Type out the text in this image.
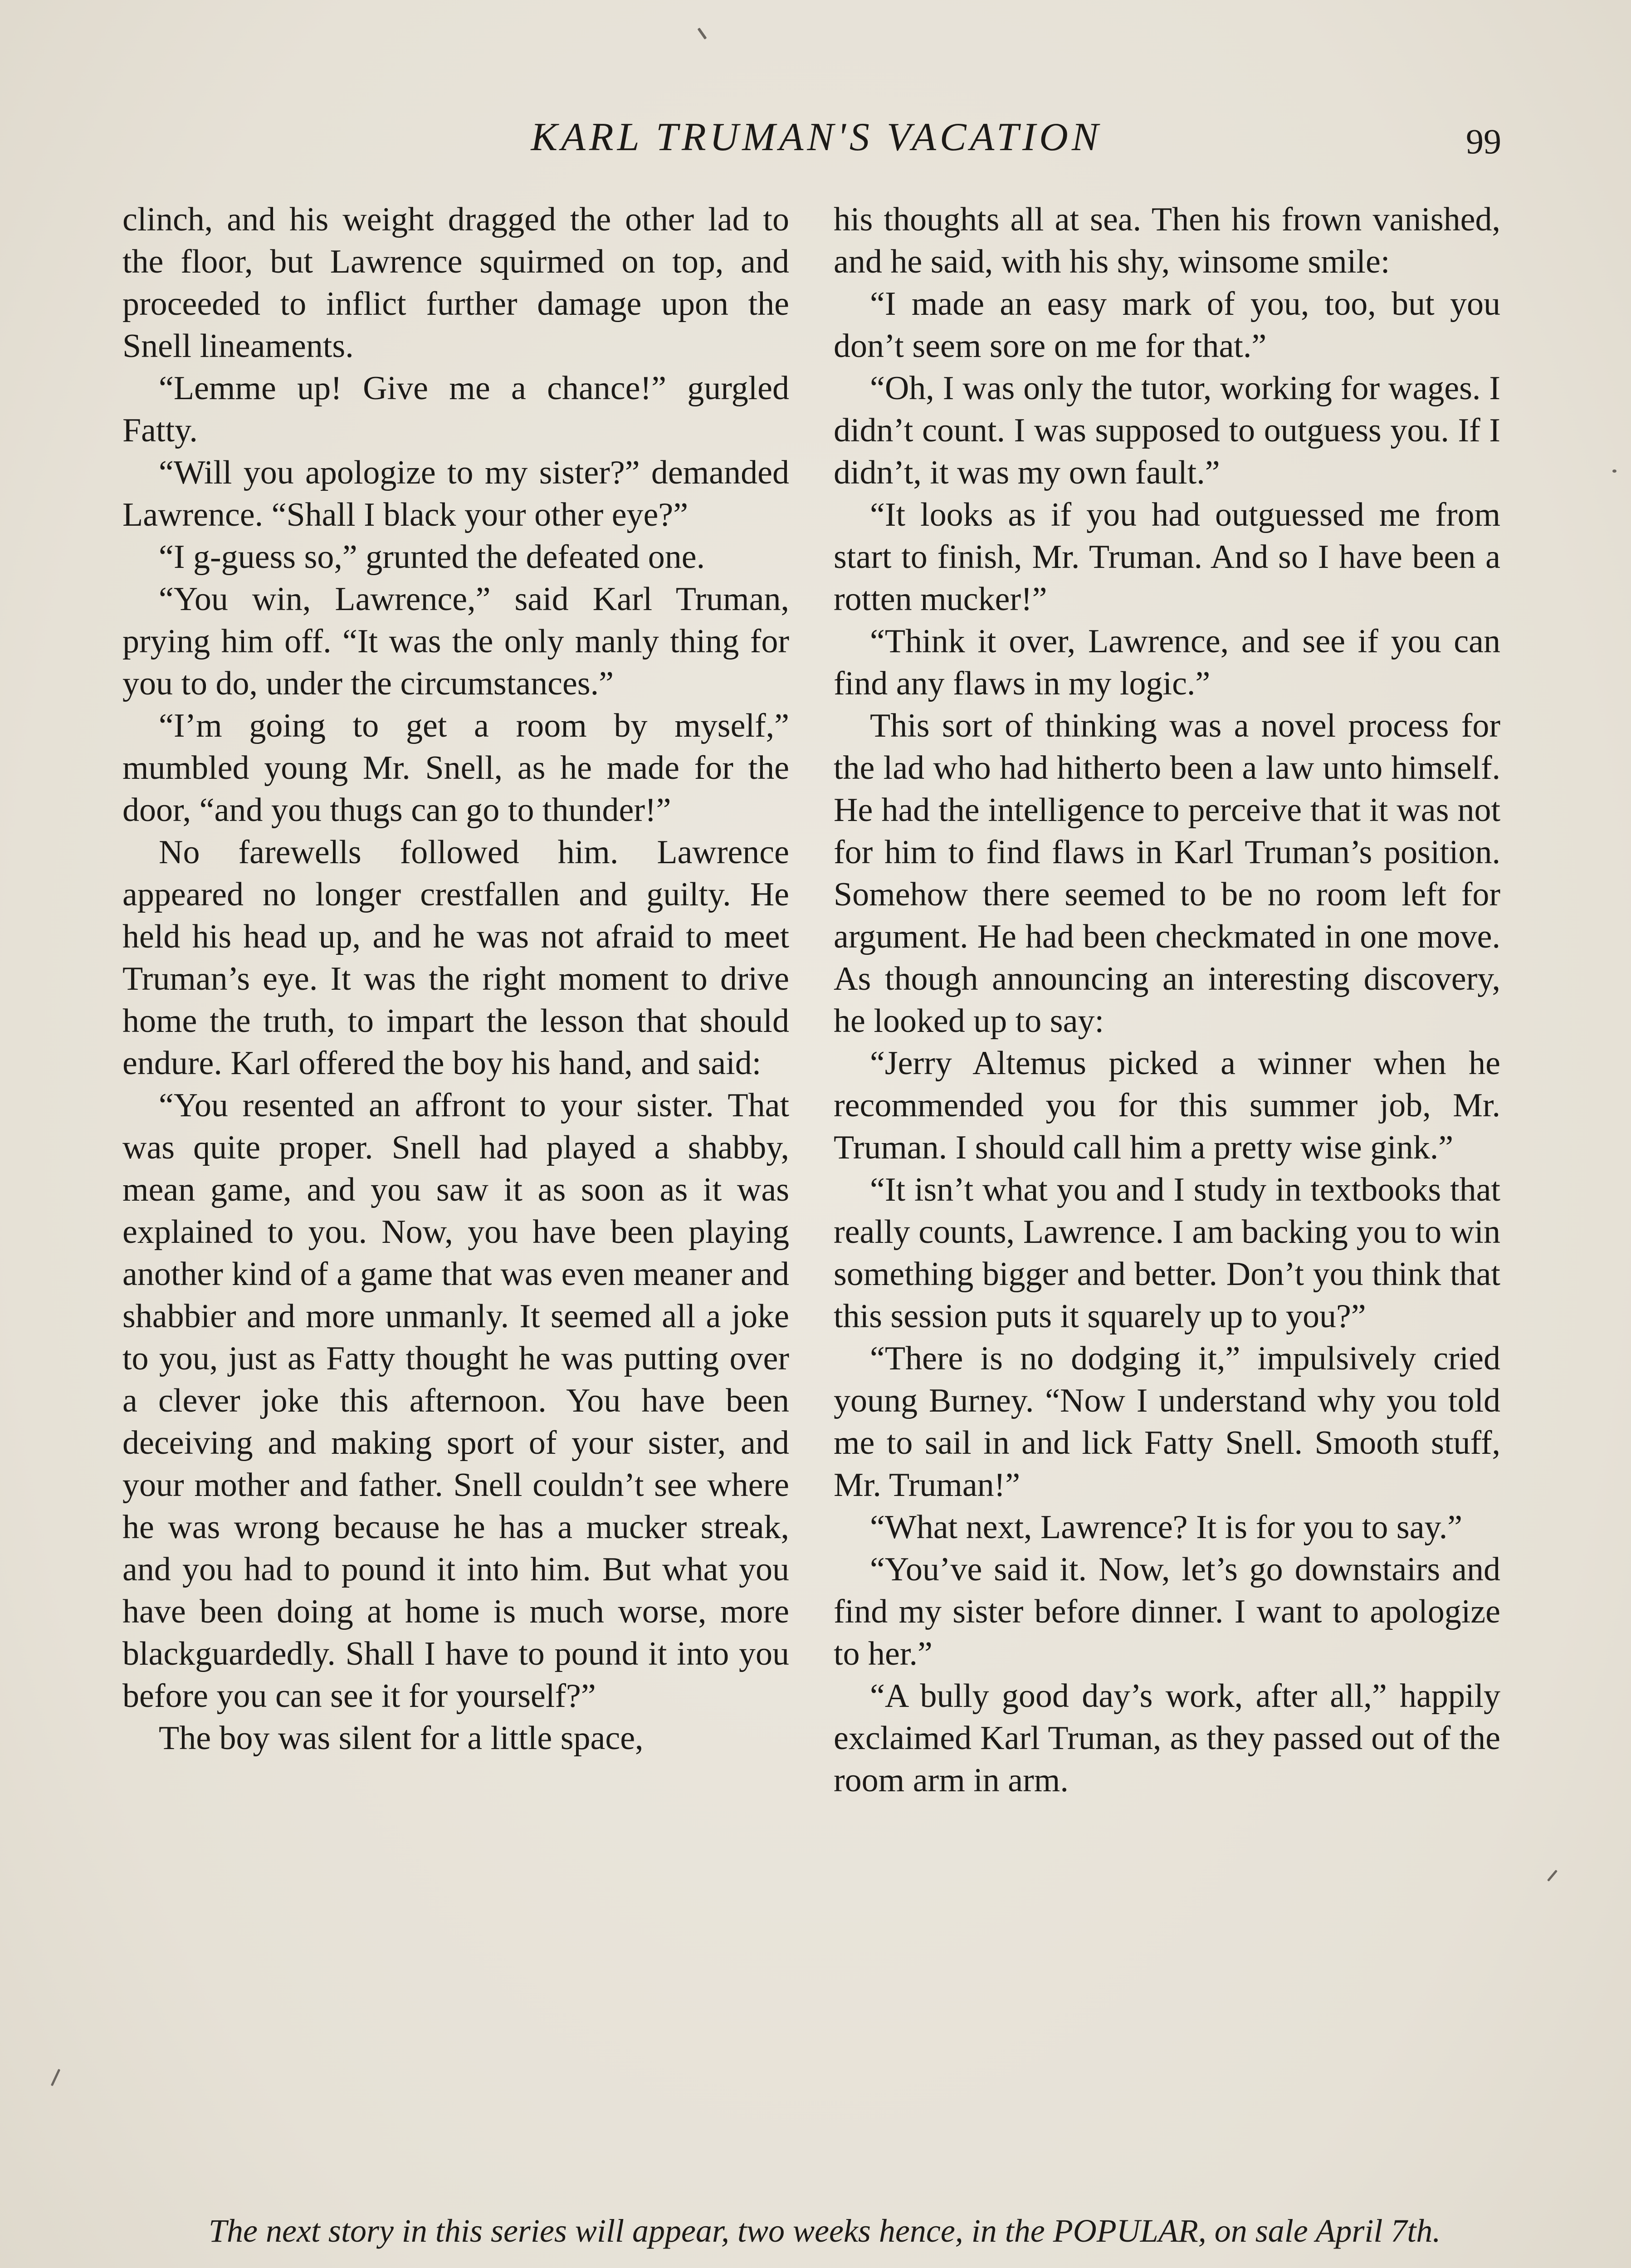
KARL TRUMAN'S VACATION	99

clinch, and his weight dragged the other lad to the floor, but Lawrence squirmed on top, and proceeded to inflict further damage upon the Snell lineaments.

“Lemme up! Give me a chance!” gurgled Fatty.

“Will you apologize to my sister?” demanded Lawrence. “Shall I black your other eye?”

“I g-guess so,” grunted the defeated one.

“You win, Lawrence,” said Karl Truman, prying him off. “It was the only manly thing for you to do, under the circumstances.”

“I’m going to get a room by myself,” mumbled young Mr. Snell, as he made for the door, “and you thugs can go to thunder!”

No farewells followed him. Lawrence appeared no longer crestfallen and guilty. He held his head up, and he was not afraid to meet Truman’s eye. It was the right moment to drive home the truth, to impart the lesson that should endure. Karl offered the boy his hand, and said:

“You resented an affront to your sister. That was quite proper. Snell had played a shabby, mean game, and you saw it as soon as it was explained to you. Now, you have been playing another kind of a game that was even meaner and shabbier and more unmanly. It seemed all a joke to you, just as Fatty thought he was putting over a clever joke this afternoon. You have been deceiving and making sport of your sister, and your mother and father. Snell couldn’t see where he was wrong because he has a mucker streak, and you had to pound it into him. But what you have been doing at home is much worse, more blackguardedly. Shall I have to pound it into you before you can see it for yourself?”

The boy was silent for a little space,

his thoughts all at sea. Then his frown vanished, and he said, with his shy, winsome smile:

“I made an easy mark of you, too, but you don’t seem sore on me for that.”

“Oh, I was only the tutor, working for wages. I didn’t count. I was supposed to outguess you. If I didn’t, it was my own fault.”

“It looks as if you had outguessed me from start to finish, Mr. Truman. And so I have been a rotten mucker!”

“Think it over, Lawrence, and see if you can find any flaws in my logic.”

This sort of thinking was a novel process for the lad who had hitherto been a law unto himself. He had the intelligence to perceive that it was not for him to find flaws in Karl Truman’s position. Somehow there seemed to be no room left for argument. He had been checkmated in one move. As though announcing an interesting discovery, he looked up to say:

“Jerry Altemus picked a winner when he recommended you for this summer job, Mr. Truman. I should call him a pretty wise gink.”

“It isn’t what you and I study in textbooks that really counts, Lawrence. I am backing you to win something bigger and better. Don’t you think that this session puts it squarely up to you?”

“There is no dodging it,” impulsively cried young Burney. “Now I understand why you told me to sail in and lick Fatty Snell. Smooth stuff, Mr. Truman!”

“What next, Lawrence? It is for you to say.”

“You’ve said it. Now, let’s go downstairs and find my sister before dinner. I want to apologize to her.”

“A bully good day’s work, after all,” happily exclaimed Karl Truman, as they passed out of the room arm in arm.

The next story in this series will appear, two weeks hence, in the POPULAR, on sale April 7th.
